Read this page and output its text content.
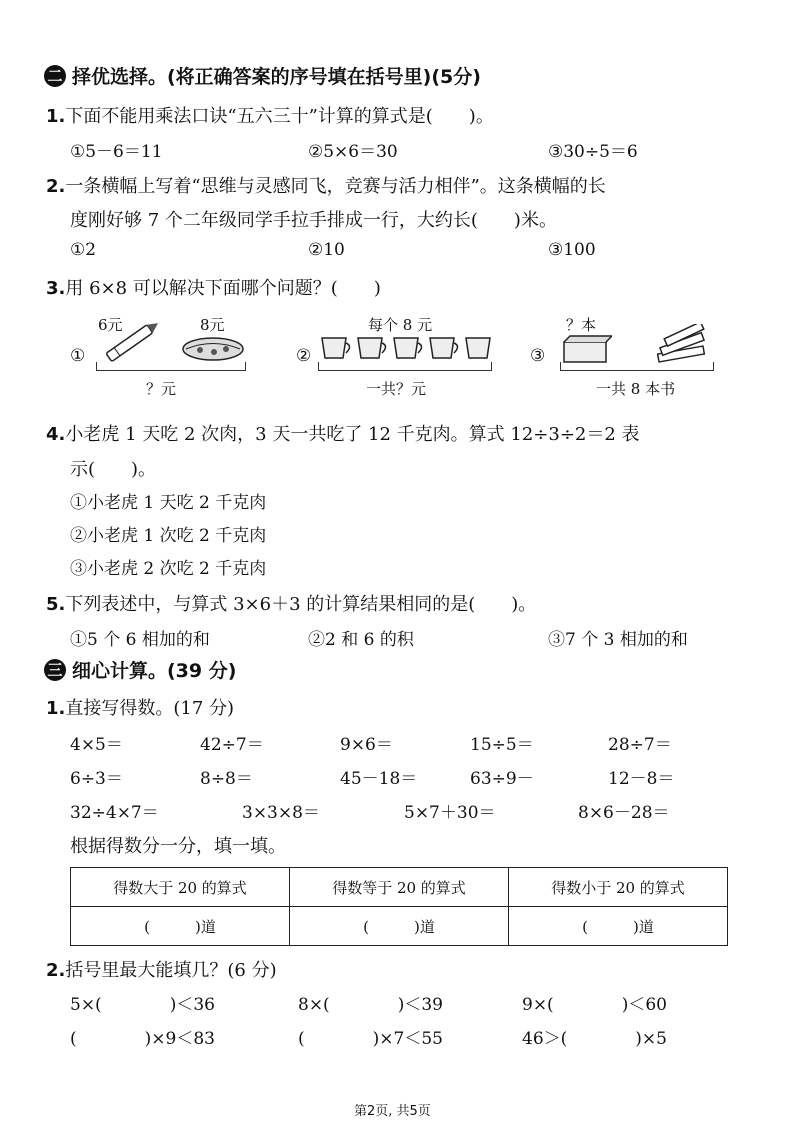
二 择优选择。(将正确答案的序号填在括号里)(5分)
1.下面不能用乘法口诀“五六三十”计算的算式是(　　)。
①5－6＝11	②5×6＝30	③30÷5＝6
2.一条横幅上写着“思维与灵感同飞，竞赛与活力相伴”。这条横幅的长
度刚好够 7 个二年级同学手拉手排成一行，大约长(　　)米。
①2	②10	③100
3.用 6×8 可以解决下面哪个问题？(　　)
①
6元	8元
？元
②
每个 8 元
一共？元
③
？本
一共 8 本书
4.小老虎 1 天吃 2 次肉，3 天一共吃了 12 千克肉。算式 12÷3÷2＝2 表
示(　　)。
①小老虎 1 天吃 2 千克肉
②小老虎 1 次吃 2 千克肉
③小老虎 2 次吃 2 千克肉
5.下列表述中，与算式 3×6＋3 的计算结果相同的是(　　)。
①5 个 6 相加的和	②2 和 6 的积	③7 个 3 相加的和
三 细心计算。(39 分)
1.直接写得数。(17 分)
4×5＝	42÷7＝	9×6＝	15÷5＝	28÷7＝
6÷3＝	8÷8＝	45－18＝	63÷9－	12－8＝
32÷4×7＝	3×3×8＝	5×7＋30＝	8×6－28＝
根据得数分一分，填一填。
得数大于 20 的算式	得数等于 20 的算式	得数小于 20 的算式
(　　　)道	(　　　)道	(　　　)道
2.括号里最大能填几？(6 分)
5×(　　　　)＜36	8×(　　　　)＜39	9×(　　　　)＜60
(　　　　)×9＜83	(　　　　)×7＜55	46＞(　　　　)×5
第2页, 共5页
